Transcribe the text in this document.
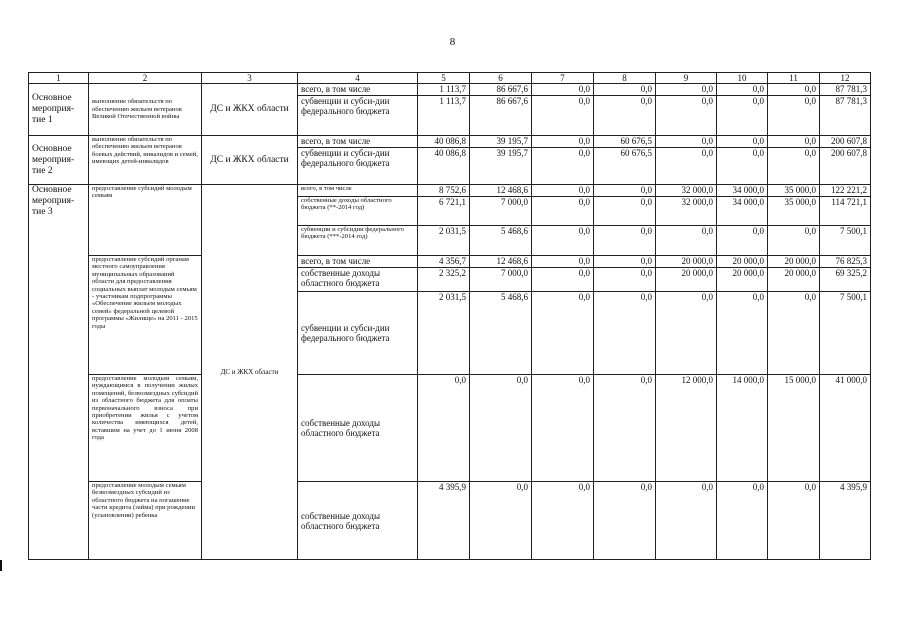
8
1	2	3	4	5	6	7	8	9	10	11	12
Основное мероприя-тие 1	выполнение обязательств по обеспечению жильем ветеранов Великой Отечественной войны	ДС и ЖКХ области	всего, в том числе	1 113,7	86 667,6	0,0	0,0	0,0	0,0	0,0	87 781,3
			субвенции и субси-дии федерального бюджета	1 113,7	86 667,6	0,0	0,0	0,0	0,0	0,0	87 781,3
Основное мероприя-тие 2	выполнение обязательств по обеспечению жильем ветеранов боевых действий, инвалидов и семей, имеющих детей-инвалидов	ДС и ЖКХ области	всего, в том числе	40 086,8	39 195,7	0,0	60 676,5	0,0	0,0	0,0	200 607,8
			субвенции и субси-дии федерального бюджета	40 086,8	39 195,7	0,0	60 676,5	0,0	0,0	0,0	200 607,8
Основное мероприя-тие 3	предоставление субсидий молодым семьям	ДС и ЖКХ области	всего, в том числе	8 752,6	12 468,6	0,0	0,0	32 000,0	34 000,0	35 000,0	122 221,2
			собственные доходы областного бюджета (**-2014 год)	6 721,1	7 000,0	0,0	0,0	32 000,0	34 000,0	35 000,0	114 721,1
			субвенции и субсидии федерального бюджета (***-2014 год)	2 031,5	5 468,6	0,0	0,0	0,0	0,0	0,0	7 500,1
	предоставление субсидий органам местного самоуправления муниципальных образований области для предоставления социальных выплат молодым семьям - участникам подпрограммы «Обеспечение жильем молодых семей» федеральной целевой программы «Жилище» на 2011 - 2015 годы		всего, в том числе	4 356,7	12 468,6	0,0	0,0	20 000,0	20 000,0	20 000,0	76 825,3
			собственные доходы областного бюджета	2 325,2	7 000,0	0,0	0,0	20 000,0	20 000,0	20 000,0	69 325,2
			субвенции и субси-дии федерального бюджета	2 031,5	5 468,6	0,0	0,0	0,0	0,0	0,0	7 500,1
	предоставление молодым семьям, нуждающимся в получении жилых помещений, безвозмездных субсидий из областного бюджета для оплаты первоначального взноса при приобретении жилья с учетом количества имеющихся детей, вставшим на учет до 1 июня 2008 года		собственные доходы областного бюджета	0,0	0,0	0,0	0,0	12 000,0	14 000,0	15 000,0	41 000,0
	предоставление молодым семьям безвозмездных субсидий из областного бюджета на погашение части кредита (займа) при рождении (усыновлении) ребенка		собственные доходы областного бюджета	4 395,9	0,0	0,0	0,0	0,0	0,0	0,0	4 395,9
